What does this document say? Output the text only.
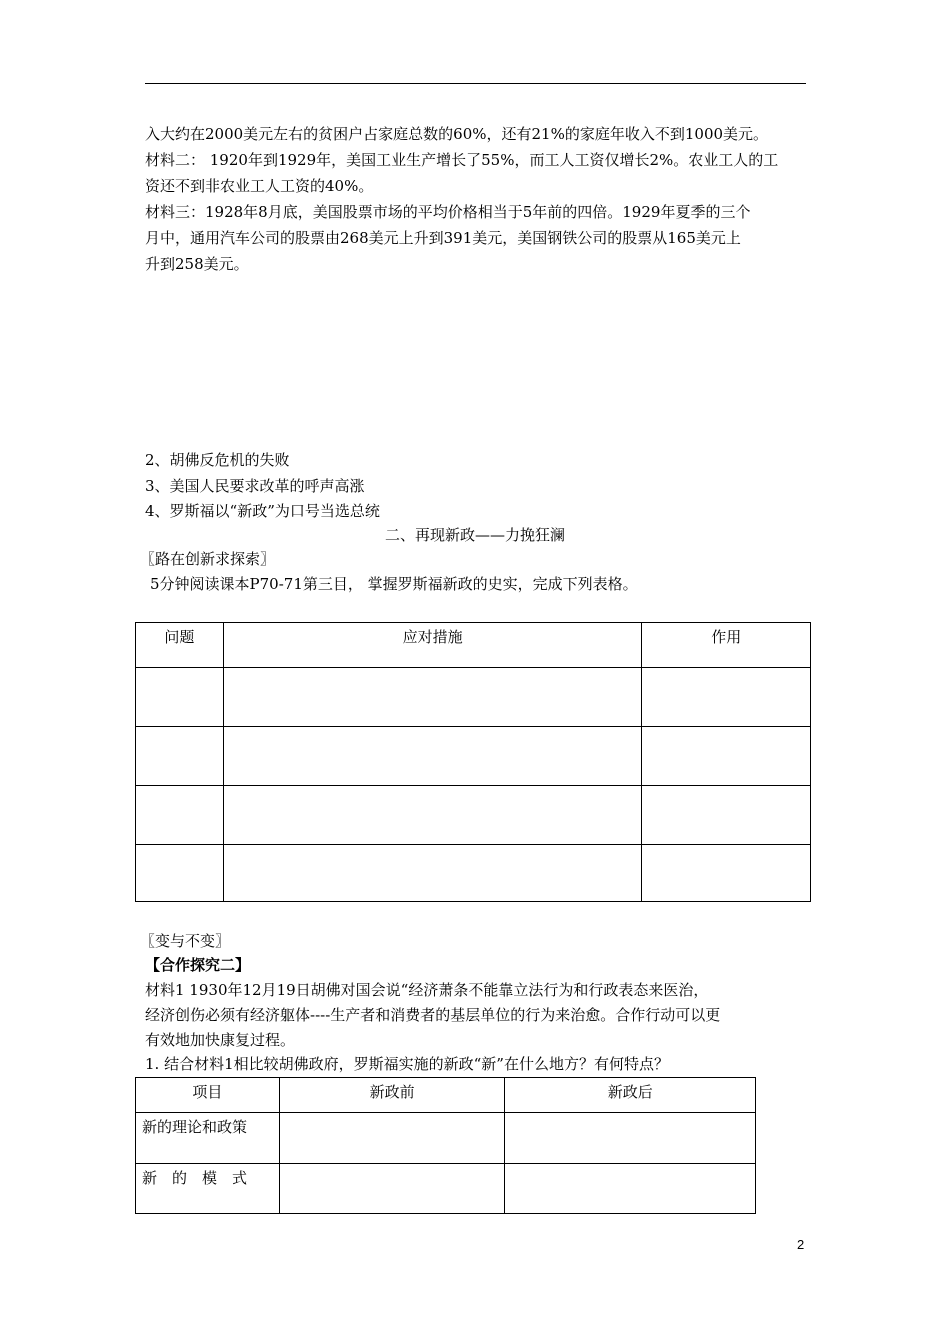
入大约在2000美元左右的贫困户占家庭总数的60%，还有21%的家庭年收入不到1000美元。
材料二： 1920年到1929年，美国工业生产增长了55%，而工人工资仅增长2%。农业工人的工
资还不到非农业工人工资的40%。
材料三：1928年8月底，美国股票市场的平均价格相当于5年前的四倍。1929年夏季的三个
月中，通用汽车公司的股票由268美元上升到391美元，美国钢铁公司的股票从165美元上
升到258美元。
2、胡佛反危机的失败
3、美国人民要求改革的呼声高涨
4、罗斯福以“新政”为口号当选总统
二、再现新政——力挽狂澜
〖路在创新求探索〗
5分钟阅读课本P70-71第三目， 掌握罗斯福新政的史实，完成下列表格。
问题	应对措施	作用

〖变与不变〗
【合作探究二】
材料1 1930年12月19日胡佛对国会说“经济萧条不能靠立法行为和行政表态来医治，
经济创伤必须有经济躯体----生产者和消费者的基层单位的行为来治愈。合作行动可以更
有效地加快康复过程。
1. 结合材料1相比较胡佛政府，罗斯福实施的新政“新”在什么地方？有何特点？
项目	新政前	新政后
新的理论和政策		
新的模式		
2
